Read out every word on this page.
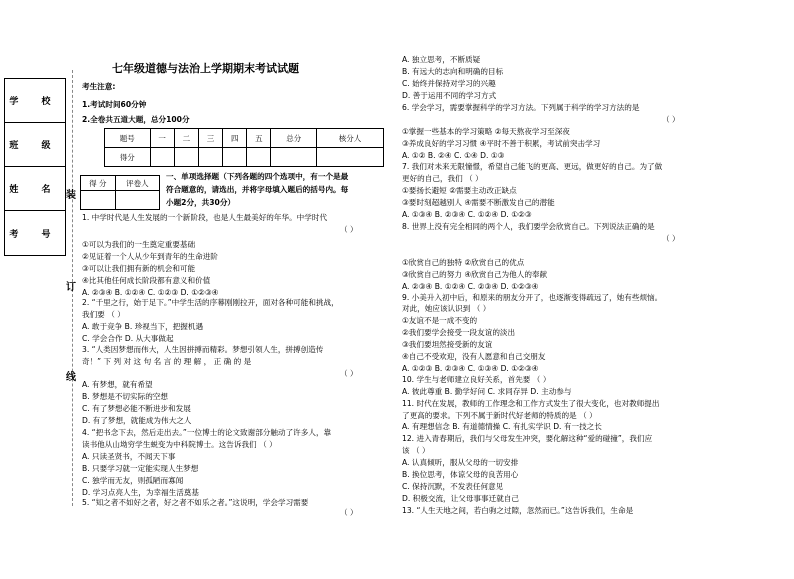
七年级道德与法治上学期期末考试试题
学 校
班 级
姓 名
考 号
装
订
线
考生注意:
1.考试时间60分钟
2.全卷共五道大题，总分100分
题号	一	二	三	四	五	总分	核分人
得分							
得 分	评卷人

一、单项选择题（下列各题的四个选项中，有一个是最
符合题意的，请选出，并将字母填入题后的括号内。每
小题2分，共30分）
1. 中学时代是人生发展的一个新阶段，也是人生最美好的年华。中学时代
（ ）
①可以为我们的一生奠定重要基础
②见证着一个人从少年到青年的生命进阶
③可以让我们拥有新的机会和可能
④比其他任何成长阶段都有意义和价值
A. ②③④ B. ①②④ C. ①②③ D. ①②③④
2. “千里之行，始于足下。”中学生活的序幕刚刚拉开，面对各种可能和挑战，
我们要 （ ）
A. 敢于竞争 B. 珍视当下，把握机遇
C. 学会合作 D. 从大事做起
3. “人类因梦想而伟大，人生因拼搏而精彩。梦想引领人生，拼搏创造传
奇！” 下 列 对 这 句 名 言 的 理 解 ， 正 确 的 是
（ ）
A. 有梦想，就有希望
B. 梦想是不切实际的空想
C. 有了梦想必能不断进步和发展
D. 有了梦想，就能成为伟大之人
4. “把书念下去，然后走出去。”一位博士的论文致谢部分触动了许多人，靠
读书他从山坳穷学生蜕变为中科院博士。这告诉我们 （ ）
A. 只读圣贤书，不闻天下事
B. 只要学习就一定能实现人生梦想
C. 独学而无友，则孤陋而寡闻
D. 学习点亮人生，为幸福生活奠基
5. “知之者不如好之者，好之者不如乐之者。”这说明，学会学习需要
（ ）
A. 独立思考，不断质疑
B. 有远大的志向和明确的目标
C. 始终并保持对学习的兴趣
D. 善于运用不同的学习方式
6. 学会学习，需要掌握科学的学习方法。下列属于科学的学习方法的是
（ ）
①掌握一些基本的学习策略 ②每天熬夜学习至深夜
③养成良好的学习习惯 ④平时不善于积累，考试前突击学习
A. ①② B. ②④ C. ①④ D. ①③
7. 我们对未来无限憧憬，希望自己能飞的更高、更远，做更好的自己。为了做
更好的自己，我们 （ ）
①要扬长避短 ②需要主动改正缺点
③要时刻超越别人 ④需要不断激发自己的潜能
A. ①③④ B. ②③④ C. ①②④ D. ①②③
8. 世界上没有完全相同的两个人，我们要学会欣赏自己。下列说法正确的是
（ ）
①欣赏自己的独特 ②欣赏自己的优点
③欣赏自己的努力 ④欣赏自己为他人的奉献
A. ②③④ B. ①②④ C. ②③④ D. ①②③④
9. 小美升入初中后，和原来的朋友分开了，也逐渐变得疏远了，她有些烦恼。
对此，她应该认识到 （ ）
①友谊不是一成不变的
②我们要学会接受一段友谊的淡出
③我们要坦然接受新的友谊
④自己不受欢迎，没有人愿意和自己交朋友
A. ①②③ B. ②③④ C. ①③④ D. ①②③④
10. 学生与老师建立良好关系，首先要 （ ）
A. 彼此尊重 B. 勤学好问 C. 求同存异 D. 主动参与
11. 时代在发展，教师的工作理念和工作方式发生了很大变化，也对教师提出
了更高的要求。下列不属于新时代好老师的特质的是 （ ）
A. 有理想信念 B. 有道德情操 C. 有扎实学识 D. 有一技之长
12. 进入青春期后，我们与父母发生冲突，要化解这种“爱的碰撞”，我们应
该 （ ）
A. 认真倾听，服从父母的一切安排
B. 换位思考，体谅父母的良苦用心
C. 保持沉默，不发表任何意见
D. 积极交流，让父母事事迁就自己
13. “人生天地之间，若白驹之过隙，忽然而已。”这告诉我们，生命是
